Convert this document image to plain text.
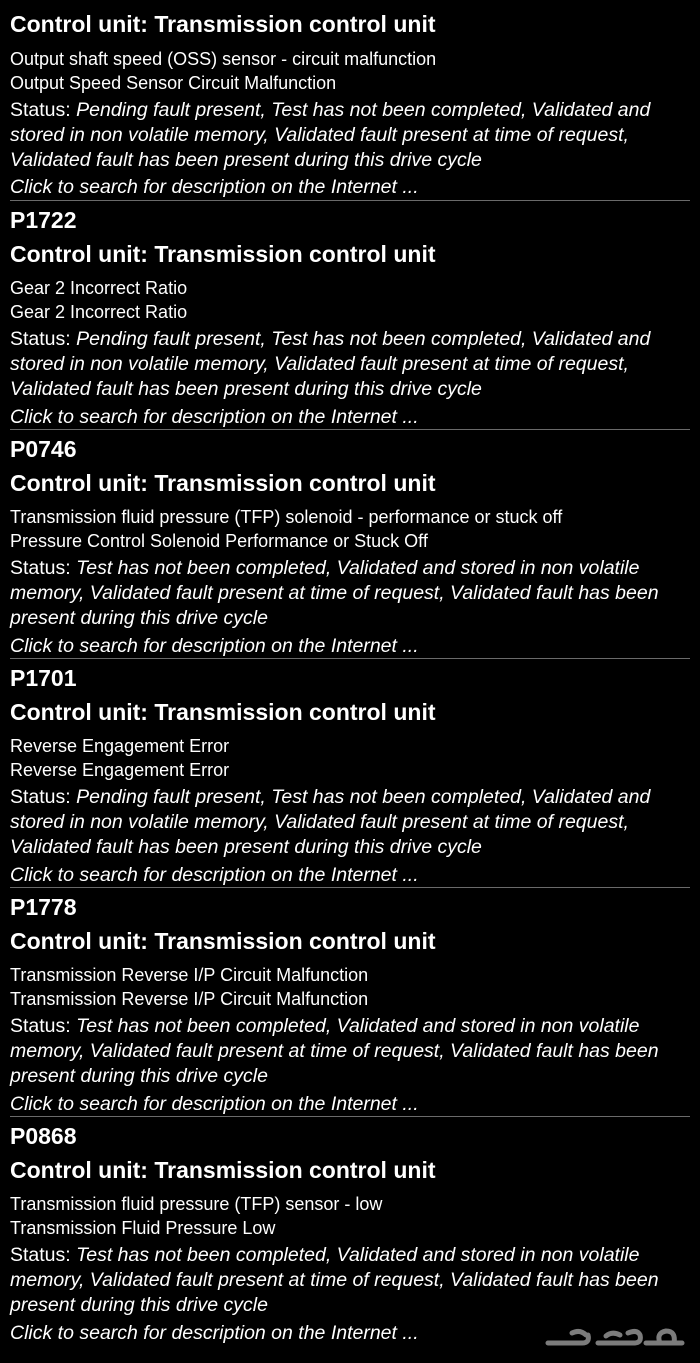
Control unit: Transmission control unit
Output shaft speed (OSS) sensor - circuit malfunction
Output Speed Sensor Circuit Malfunction
Status: Pending fault present, Test has not been completed, Validated and stored in non volatile memory, Validated fault present at time of request, Validated fault has been present during this drive cycle
Click to search for description on the Internet ...
P1722
Control unit: Transmission control unit
Gear 2 Incorrect Ratio
Gear 2 Incorrect Ratio
Status: Pending fault present, Test has not been completed, Validated and stored in non volatile memory, Validated fault present at time of request, Validated fault has been present during this drive cycle
Click to search for description on the Internet ...
P0746
Control unit: Transmission control unit
Transmission fluid pressure (TFP) solenoid - performance or stuck off
Pressure Control Solenoid Performance or Stuck Off
Status: Test has not been completed, Validated and stored in non volatile memory, Validated fault present at time of request, Validated fault has been present during this drive cycle
Click to search for description on the Internet ...
P1701
Control unit: Transmission control unit
Reverse Engagement Error
Reverse Engagement Error
Status: Pending fault present, Test has not been completed, Validated and stored in non volatile memory, Validated fault present at time of request, Validated fault has been present during this drive cycle
Click to search for description on the Internet ...
P1778
Control unit: Transmission control unit
Transmission Reverse I/P Circuit Malfunction
Transmission Reverse I/P Circuit Malfunction
Status: Test has not been completed, Validated and stored in non volatile memory, Validated fault present at time of request, Validated fault has been present during this drive cycle
Click to search for description on the Internet ...
P0868
Control unit: Transmission control unit
Transmission fluid pressure (TFP) sensor - low
Transmission Fluid Pressure Low
Status: Test has not been completed, Validated and stored in non volatile memory, Validated fault present at time of request, Validated fault has been present during this drive cycle
Click to search for description on the Internet ...
